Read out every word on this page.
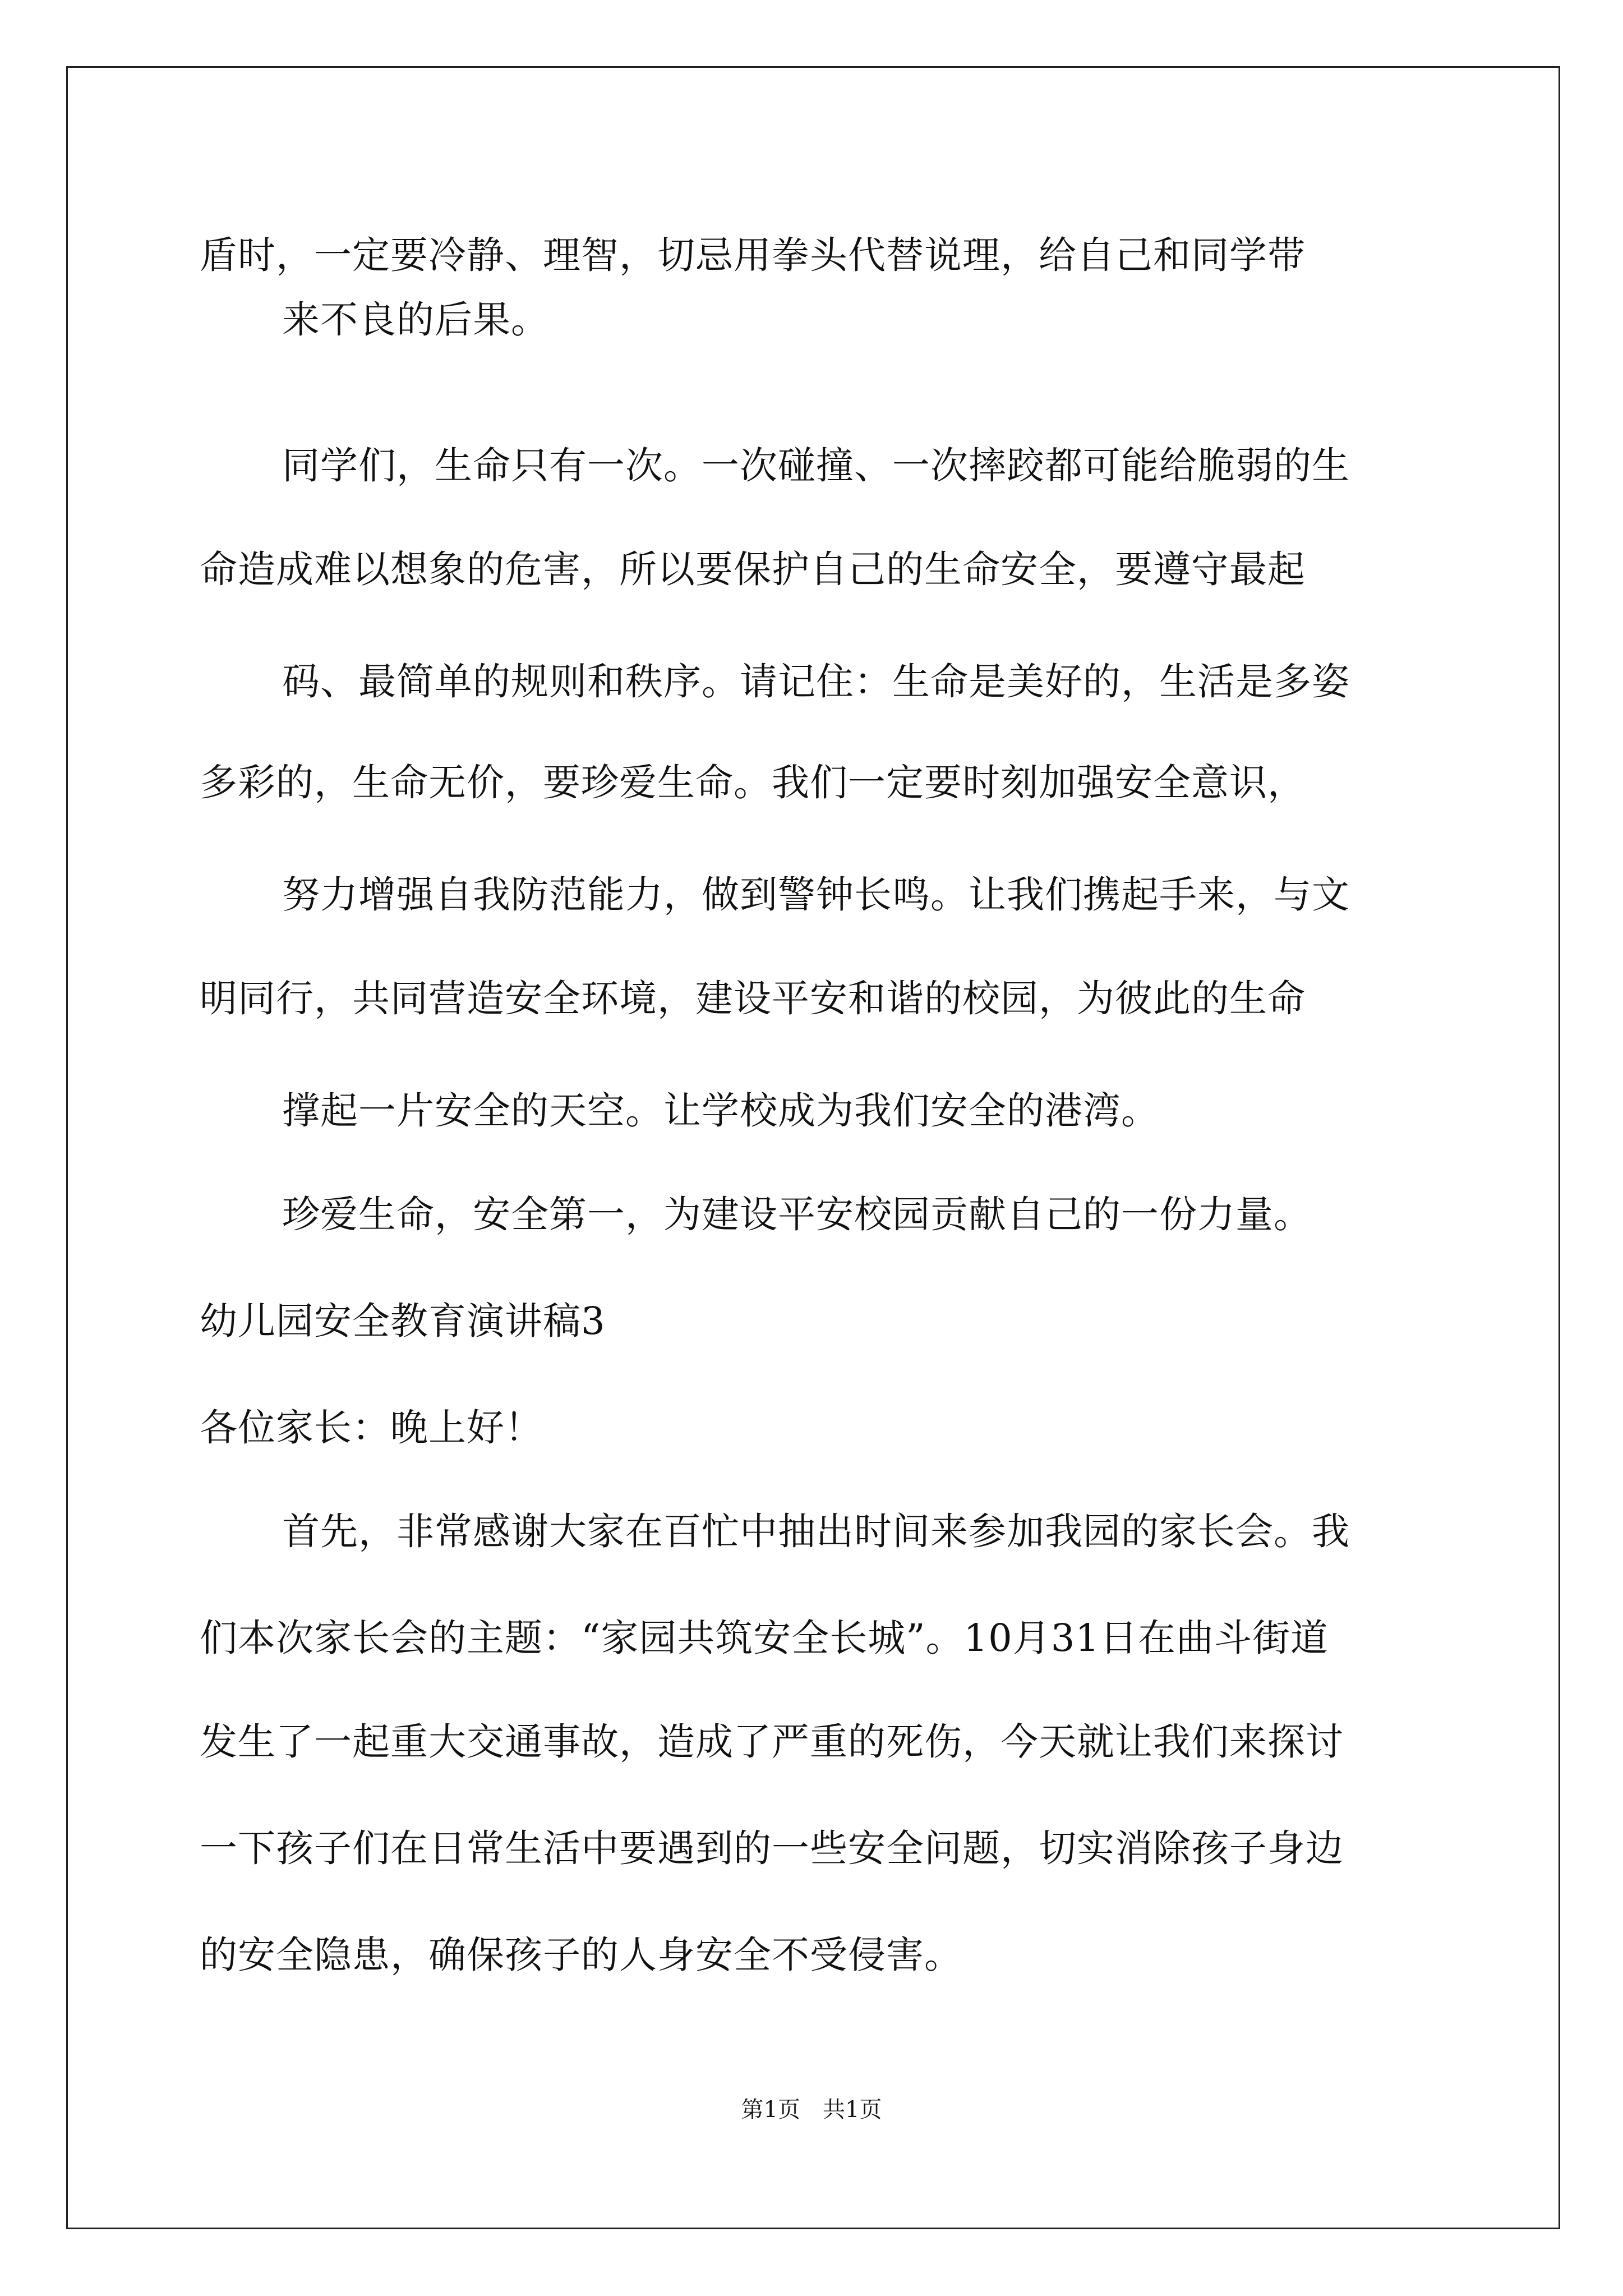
盾时，一定要冷静、理智，切忌用拳头代替说理，给自己和同学带
来不良的后果。
同学们，生命只有一次。一次碰撞、一次摔跤都可能给脆弱的生
命造成难以想象的危害，所以要保护自己的生命安全，要遵守最起
码、最简单的规则和秩序。请记住：生命是美好的，生活是多姿
多彩的，生命无价，要珍爱生命。我们一定要时刻加强安全意识，
努力增强自我防范能力，做到警钟长鸣。让我们携起手来，与文
明同行，共同营造安全环境，建设平安和谐的校园，为彼此的生命
撑起一片安全的天空。让学校成为我们安全的港湾。
珍爱生命，安全第一，为建设平安校园贡献自己的一份力量。
幼儿园安全教育演讲稿3
各位家长：晚上好！
首先，非常感谢大家在百忙中抽出时间来参加我园的家长会。我
们本次家长会的主题：“家园共筑安全长城”。10月31日在曲斗街道
发生了一起重大交通事故，造成了严重的死伤，今天就让我们来探讨
一下孩子们在日常生活中要遇到的一些安全问题，切实消除孩子身边
的安全隐患，确保孩子的人身安全不受侵害。
第1页　共1页
